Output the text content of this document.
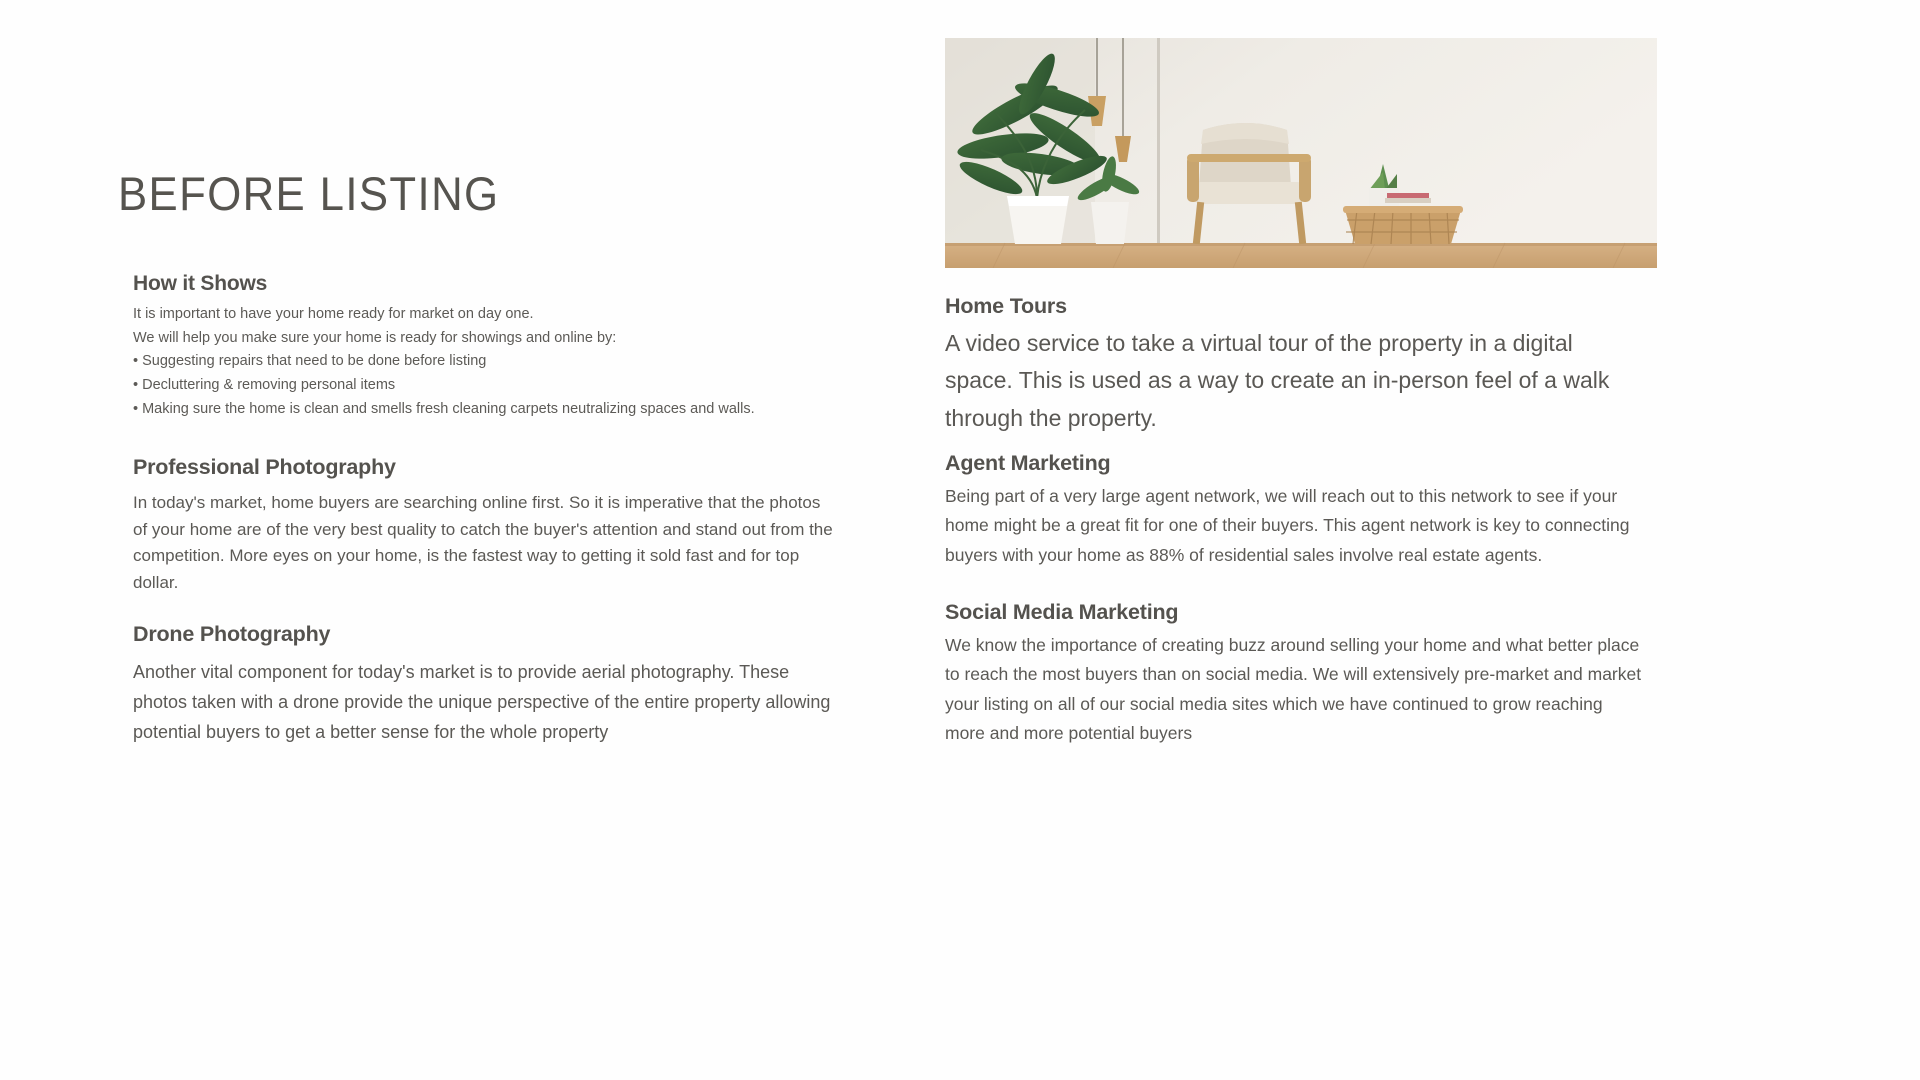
BEFORE LISTING
How it Shows

It is important to have your home ready for market on day one.

We will help you make sure your home is ready for showings and online by:

• Suggesting repairs that need to be done before listing

• Decluttering & removing personal items

• Making sure the home is clean and smells fresh cleaning carpets neutralizing spaces and walls.

Professional Photography

In today's market, home buyers are searching online first. So it is imperative that the photos of your home are of the very best quality to catch the buyer's attention and stand out from the competition. More eyes on your home, is the fastest way to getting it sold fast and for top dollar.

Drone Photography

Another vital component for today's market is to provide aerial photography. These photos taken with a drone provide the unique perspective of the entire property allowing potential buyers to get a better sense for the whole property

Home Tours

A video service to take a virtual tour of the property in a digital space. This is used as a way to create an in-person feel of a walk through the property.

Agent Marketing

Being part of a very large agent network, we will reach out to this network to see if your home might be a great fit for one of their buyers. This agent network is key to connecting buyers with your home as 88% of residential sales involve real estate agents.

Social Media Marketing

We know the importance of creating buzz around selling your home and what better place to reach the most buyers than on social media. We will extensively pre-market and market your listing on all of our social media sites which we have continued to grow reaching more and more potential buyers
